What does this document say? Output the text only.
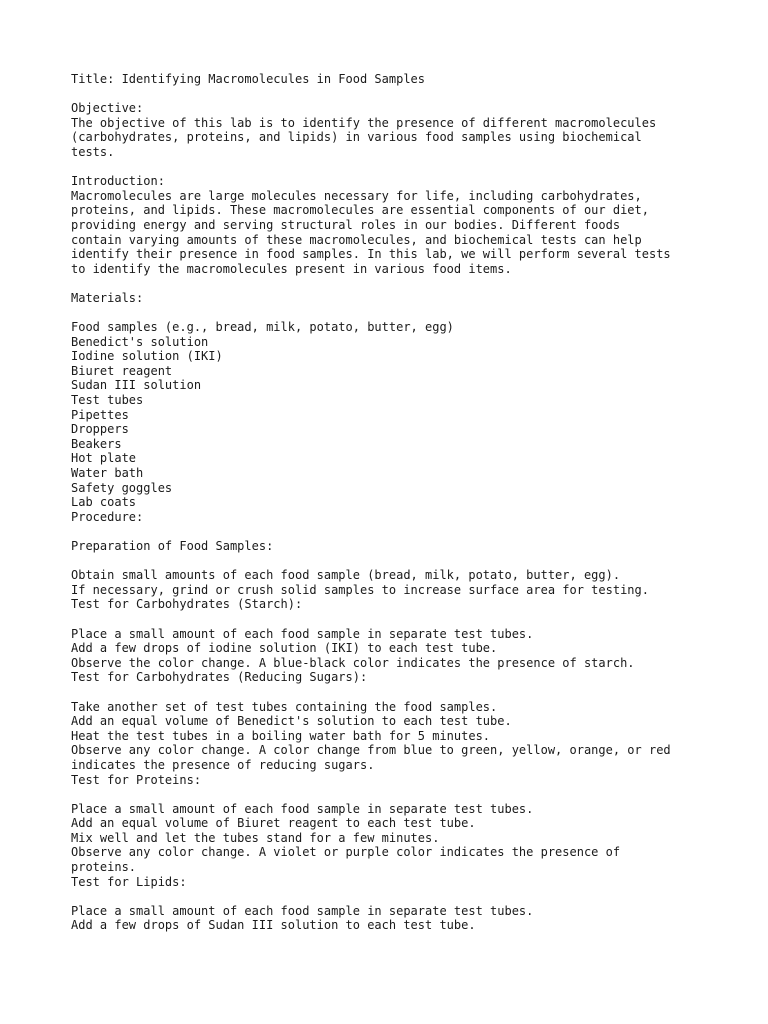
Title: Identifying Macromolecules in Food Samples
Objective:
The objective of this lab is to identify the presence of different macromolecules
(carbohydrates, proteins, and lipids) in various food samples using biochemical
tests.
Introduction:
Macromolecules are large molecules necessary for life, including carbohydrates,
proteins, and lipids. These macromolecules are essential components of our diet,
providing energy and serving structural roles in our bodies. Different foods
contain varying amounts of these macromolecules, and biochemical tests can help
identify their presence in food samples. In this lab, we will perform several tests
to identify the macromolecules present in various food items.
Materials:
Food samples (e.g., bread, milk, potato, butter, egg)
Benedict's solution
Iodine solution (IKI)
Biuret reagent
Sudan III solution
Test tubes
Pipettes
Droppers
Beakers
Hot plate
Water bath
Safety goggles
Lab coats
Procedure:
Preparation of Food Samples:
Obtain small amounts of each food sample (bread, milk, potato, butter, egg).
If necessary, grind or crush solid samples to increase surface area for testing.
Test for Carbohydrates (Starch):
Place a small amount of each food sample in separate test tubes.
Add a few drops of iodine solution (IKI) to each test tube.
Observe the color change. A blue-black color indicates the presence of starch.
Test for Carbohydrates (Reducing Sugars):
Take another set of test tubes containing the food samples.
Add an equal volume of Benedict's solution to each test tube.
Heat the test tubes in a boiling water bath for 5 minutes.
Observe any color change. A color change from blue to green, yellow, orange, or red
indicates the presence of reducing sugars.
Test for Proteins:
Place a small amount of each food sample in separate test tubes.
Add an equal volume of Biuret reagent to each test tube.
Mix well and let the tubes stand for a few minutes.
Observe any color change. A violet or purple color indicates the presence of
proteins.
Test for Lipids:
Place a small amount of each food sample in separate test tubes.
Add a few drops of Sudan III solution to each test tube.
